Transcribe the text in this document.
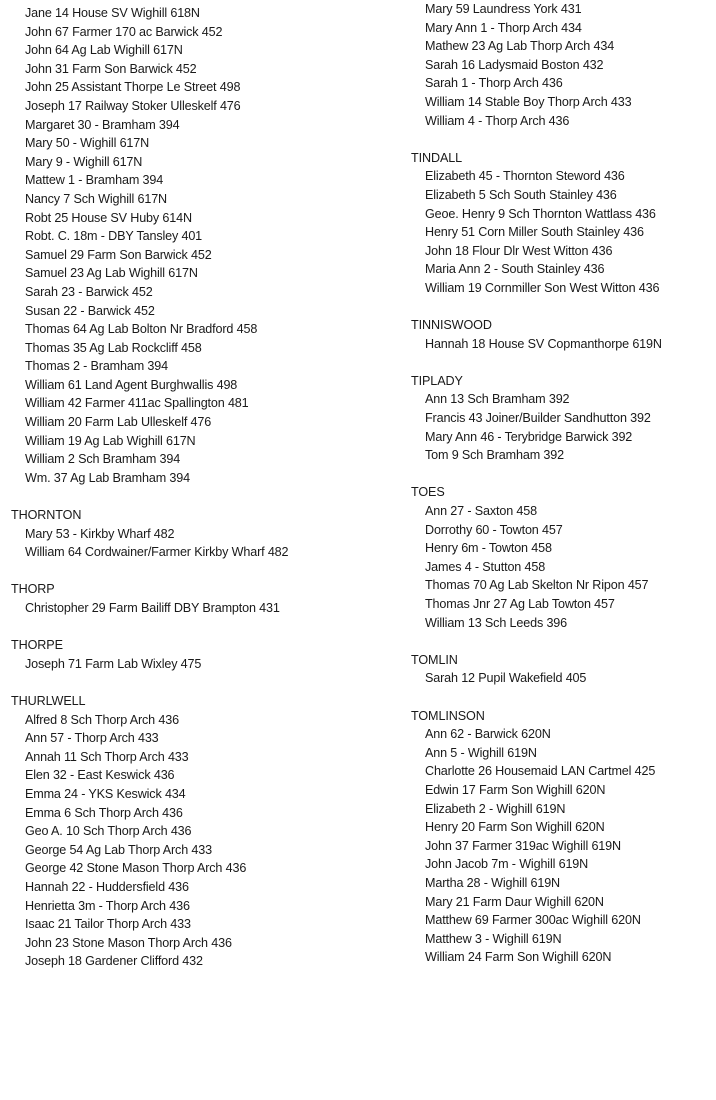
Jane 14 House SV Wighill 618N
John 67 Farmer 170 ac Barwick 452
John 64 Ag Lab Wighill 617N
John 31 Farm Son Barwick 452
John 25 Assistant Thorpe Le Street 498
Joseph 17 Railway Stoker Ulleskelf 476
Margaret 30 - Bramham 394
Mary 50 - Wighill 617N
Mary 9 - Wighill 617N
Mattew 1 - Bramham 394
Nancy 7 Sch Wighill 617N
Robt 25 House SV Huby 614N
Robt. C. 18m - DBY Tansley 401
Samuel 29 Farm Son Barwick 452
Samuel 23 Ag Lab Wighill 617N
Sarah 23 - Barwick 452
Susan 22 - Barwick 452
Thomas 64 Ag Lab Bolton Nr Bradford 458
Thomas 35 Ag Lab Rockcliff 458
Thomas 2 - Bramham 394
William 61 Land Agent Burghwallis 498
William 42 Farmer 411ac Spallington 481
William 20 Farm Lab Ulleskelf 476
William 19 Ag Lab Wighill 617N
William 2 Sch Bramham 394
Wm. 37 Ag Lab Bramham 394
THORNTON
Mary 53 - Kirkby Wharf 482
William 64 Cordwainer/Farmer Kirkby Wharf 482
THORP
Christopher 29 Farm Bailiff DBY Brampton 431
THORPE
Joseph 71 Farm Lab Wixley 475
THURLWELL
Alfred 8 Sch Thorp Arch 436
Ann 57 - Thorp Arch 433
Annah 11 Sch Thorp Arch 433
Elen 32 - East Keswick 436
Emma 24 - YKS Keswick 434
Emma 6 Sch Thorp Arch 436
Geo A. 10 Sch Thorp Arch 436
George 54 Ag Lab Thorp Arch 433
George 42 Stone Mason Thorp Arch 436
Hannah 22 - Huddersfield 436
Henrietta 3m - Thorp Arch 436
Isaac 21 Tailor Thorp Arch 433
John 23 Stone Mason Thorp Arch 436
Joseph 18 Gardener Clifford 432
Mary 59 Laundress York 431
Mary Ann 1 - Thorp Arch 434
Mathew 23 Ag Lab Thorp Arch 434
Sarah 16 Ladysmaid Boston 432
Sarah 1 - Thorp Arch 436
William 14 Stable Boy Thorp Arch 433
William 4 - Thorp Arch 436
TINDALL
Elizabeth 45 - Thornton Steword 436
Elizabeth 5 Sch South Stainley 436
Geoe. Henry 9 Sch Thornton Wattlass 436
Henry 51 Corn Miller South Stainley 436
John 18 Flour Dlr West Witton 436
Maria Ann 2 - South Stainley 436
William 19 Cornmiller Son West Witton 436
TINNISWOOD
Hannah 18 House SV Copmanthorpe 619N
TIPLADY
Ann 13 Sch Bramham 392
Francis 43 Joiner/Builder Sandhutton 392
Mary Ann 46 - Terybridge Barwick 392
Tom 9 Sch Bramham 392
TOES
Ann 27 - Saxton 458
Dorrothy 60 - Towton 457
Henry 6m - Towton 458
James 4 - Stutton 458
Thomas 70 Ag Lab Skelton Nr Ripon 457
Thomas Jnr 27 Ag Lab Towton 457
William 13 Sch Leeds 396
TOMLIN
Sarah 12 Pupil Wakefield 405
TOMLINSON
Ann 62 - Barwick 620N
Ann 5 - Wighill 619N
Charlotte 26 Housemaid LAN Cartmel 425
Edwin 17 Farm Son Wighill 620N
Elizabeth 2 - Wighill 619N
Henry 20 Farm Son Wighill 620N
John 37 Farmer 319ac Wighill 619N
John Jacob 7m - Wighill 619N
Martha 28 - Wighill 619N
Mary 21 Farm Daur Wighill 620N
Matthew 69 Farmer 300ac Wighill 620N
Matthew 3 - Wighill 619N
William 24 Farm Son Wighill 620N
